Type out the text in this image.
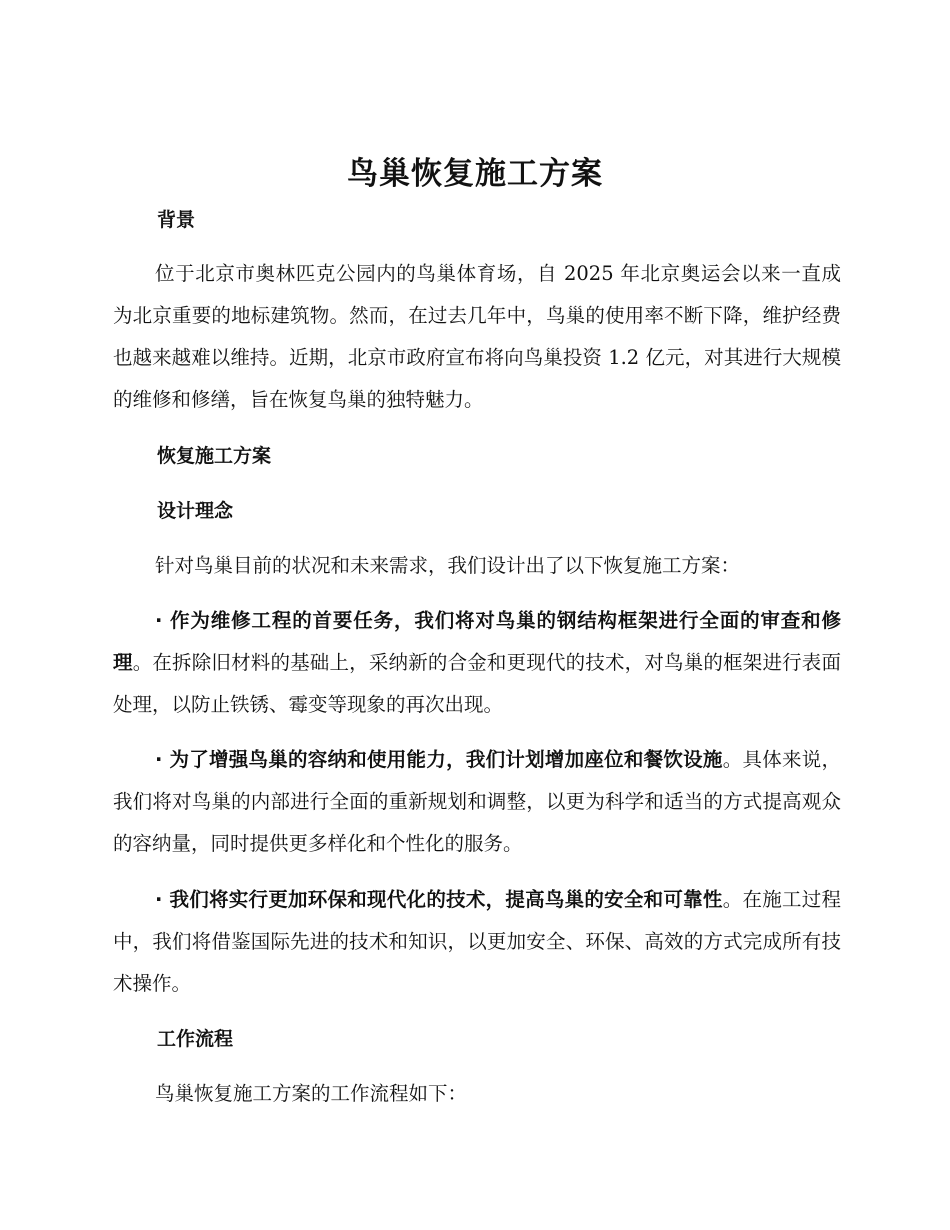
鸟巢恢复施工方案
背景

位于北京市奥林匹克公园内的鸟巢体育场，自 2025 年北京奥运会以来一直成为北京重要的地标建筑物。然而，在过去几年中，鸟巢的使用率不断下降，维护经费也越来越难以维持。近期，北京市政府宣布将向鸟巢投资 1.2 亿元，对其进行大规模的维修和修缮，旨在恢复鸟巢的独特魅力。

恢复施工方案
设计理念

针对鸟巢目前的状况和未来需求，我们设计出了以下恢复施工方案：

· 作为维修工程的首要任务，我们将对鸟巢的钢结构框架进行全面的审查和修理。在拆除旧材料的基础上，采纳新的合金和更现代的技术，对鸟巢的框架进行表面处理，以防止铁锈、霉变等现象的再次出现。

· 为了增强鸟巢的容纳和使用能力，我们计划增加座位和餐饮设施。具体来说，我们将对鸟巢的内部进行全面的重新规划和调整，以更为科学和适当的方式提高观众的容纳量，同时提供更多样化和个性化的服务。

· 我们将实行更加环保和现代化的技术，提高鸟巢的安全和可靠性。在施工过程中，我们将借鉴国际先进的技术和知识，以更加安全、环保、高效的方式完成所有技术操作。

工作流程

鸟巢恢复施工方案的工作流程如下：
